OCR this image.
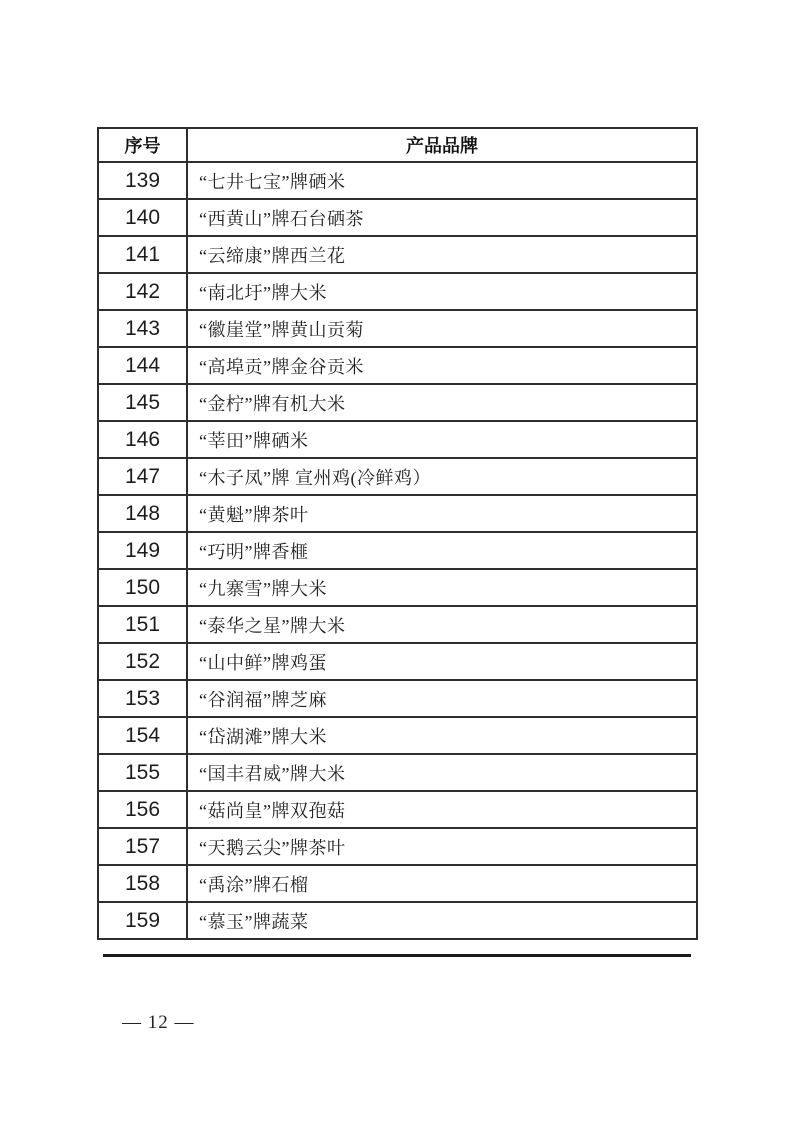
序号	产品品牌
139	“七井七宝”牌硒米
140	“西黄山”牌石台硒茶
141	“云缔康”牌西兰花
142	“南北圩”牌大米
143	“徽崖堂”牌黄山贡菊
144	“高埠贡”牌金谷贡米
145	“金柠”牌有机大米
146	“莘田”牌硒米
147	“木子凤”牌 宣州鸡(冷鲜鸡）
148	“黄魁”牌茶叶
149	“巧明”牌香榧
150	“九寨雪”牌大米
151	“泰华之星”牌大米
152	“山中鲜”牌鸡蛋
153	“谷润福”牌芝麻
154	“岱湖滩”牌大米
155	“国丰君威”牌大米
156	“菇尚皇”牌双孢菇
157	“天鹅云尖”牌茶叶
158	“禹涂”牌石榴
159	“慕玉”牌蔬菜
— 12 —
